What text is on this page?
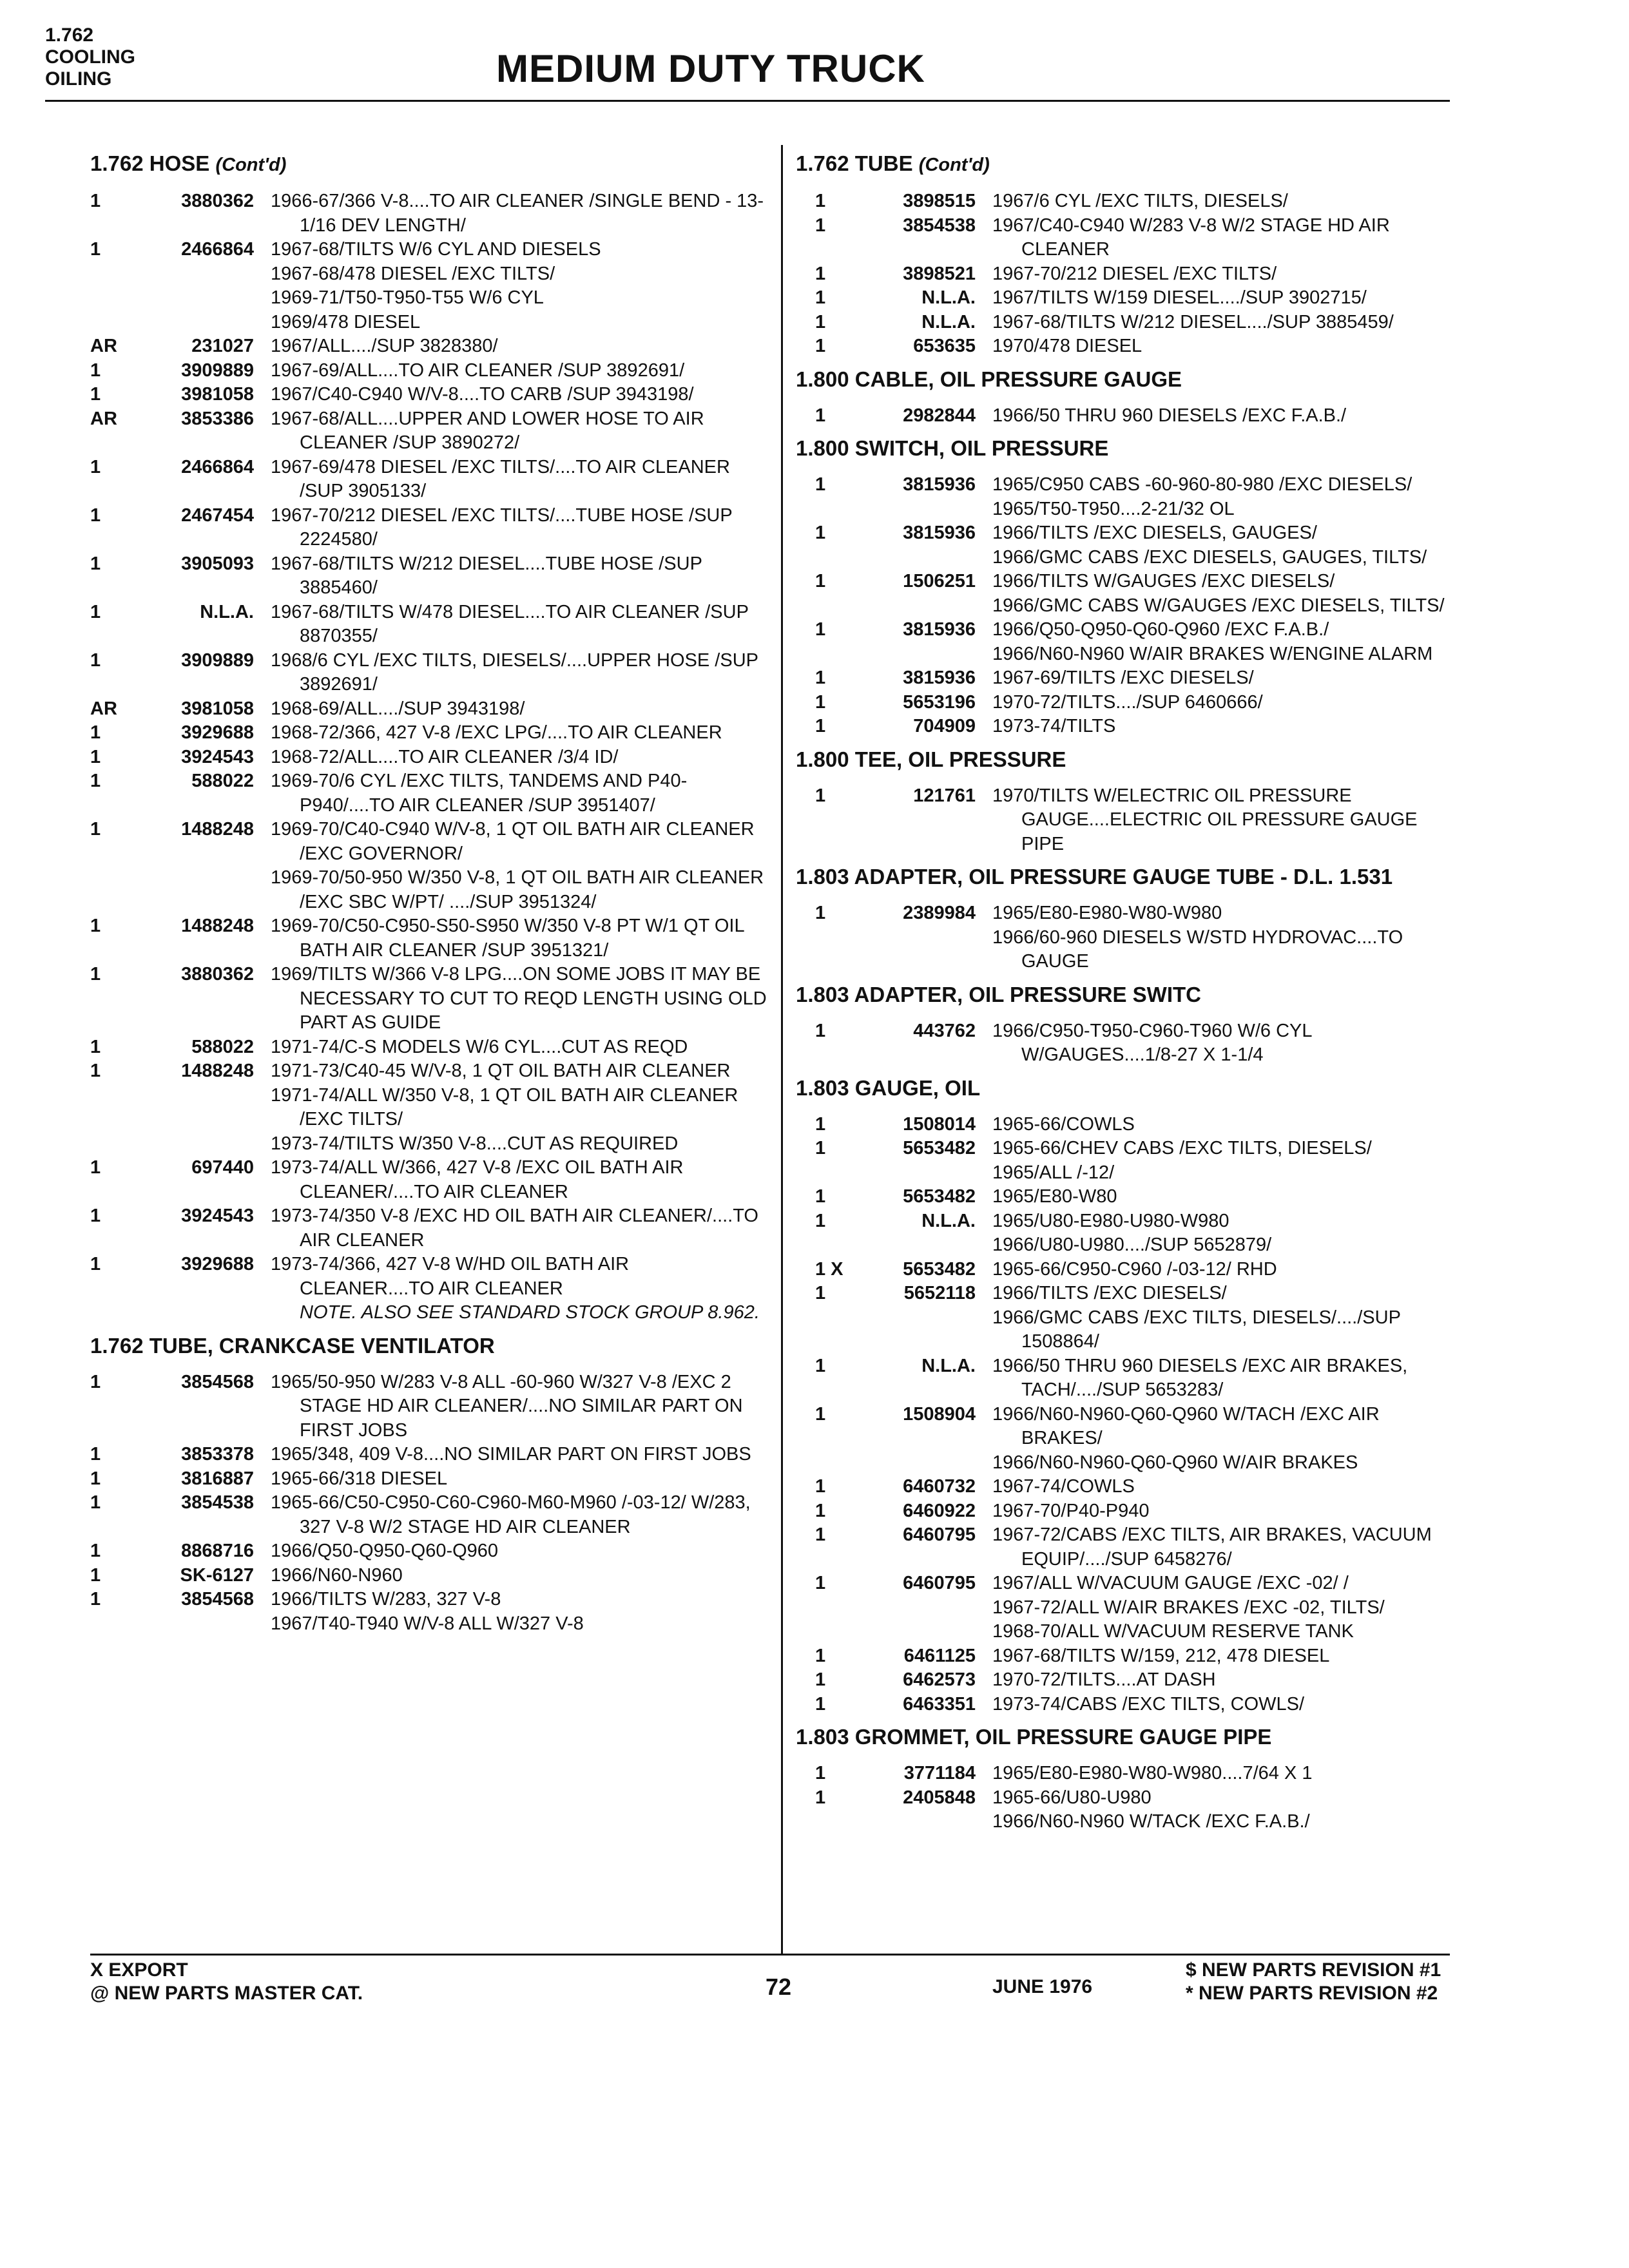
1.762
COOLING
OILING	MEDIUM DUTY TRUCK
1.762 HOSE (Cont'd)
1	3880362 1966-67/366 V-8....TO AIR CLEANER /SINGLE BEND - 13-1/16 DEV LENGTH/
1	2466864 1967-68/TILTS W/6 CYL AND DIESELS
1967-68/478 DIESEL /EXC TILTS/
1969-71/T50-T950-T55 W/6 CYL
1969/478 DIESEL
AR	231027 1967/ALL..../SUP 3828380/
1	3909889 1967-69/ALL....TO AIR CLEANER /SUP 3892691/
1	3981058 1967/C40-C940 W/V-8....TO CARB /SUP 3943198/
AR	3853386 1967-68/ALL....UPPER AND LOWER HOSE TO AIR CLEANER /SUP 3890272/
1	2466864 1967-69/478 DIESEL /EXC TILTS/....TO AIR CLEANER /SUP 3905133/
1	2467454 1967-70/212 DIESEL /EXC TILTS/....TUBE HOSE /SUP 2224580/
1	3905093 1967-68/TILTS W/212 DIESEL....TUBE HOSE /SUP 3885460/
1	N.L.A. 1967-68/TILTS W/478 DIESEL....TO AIR CLEANER /SUP 8870355/
1	3909889 1968/6 CYL /EXC TILTS, DIESELS/....UPPER HOSE /SUP 3892691/
AR	3981058 1968-69/ALL..../SUP 3943198/
1	3929688 1968-72/366, 427 V-8 /EXC LPG/....TO AIR CLEANER
1	3924543 1968-72/ALL....TO AIR CLEANER /3/4 ID/
1	588022 1969-70/6 CYL /EXC TILTS, TANDEMS AND P40-P940/....TO AIR CLEANER /SUP 3951407/
1	1488248 1969-70/C40-C940 W/V-8, 1 QT OIL BATH AIR CLEANER /EXC GOVERNOR/
1969-70/50-950 W/350 V-8, 1 QT OIL BATH AIR CLEANER /EXC SBC W/PT/ ..../SUP 3951324/
1	1488248 1969-70/C50-C950-S50-S950 W/350 V-8 PT W/1 QT OIL BATH AIR CLEANER /SUP 3951321/
1	3880362 1969/TILTS W/366 V-8 LPG....ON SOME JOBS IT MAY BE NECESSARY TO CUT TO REQD LENGTH USING OLD PART AS GUIDE
1	588022 1971-74/C-S MODELS W/6 CYL....CUT AS REQD
1	1488248 1971-73/C40-45 W/V-8, 1 QT OIL BATH AIR CLEANER
1971-74/ALL W/350 V-8, 1 QT OIL BATH AIR CLEANER /EXC TILTS/
1973-74/TILTS W/350 V-8....CUT AS REQUIRED
1	697440 1973-74/ALL W/366, 427 V-8 /EXC OIL BATH AIR CLEANER/....TO AIR CLEANER
1	3924543 1973-74/350 V-8 /EXC HD OIL BATH AIR CLEANER/....TO AIR CLEANER
1	3929688 1973-74/366, 427 V-8 W/HD OIL BATH AIR CLEANER....TO AIR CLEANER
NOTE. ALSO SEE STANDARD STOCK GROUP 8.962.
1.762 TUBE, CRANKCASE VENTILATOR
1	3854568 1965/50-950 W/283 V-8 ALL -60-960 W/327 V-8 /EXC 2 STAGE HD AIR CLEANER/....NO SIMILAR PART ON FIRST JOBS
1	3853378 1965/348, 409 V-8....NO SIMILAR PART ON FIRST JOBS
1	3816887 1965-66/318 DIESEL
1	3854538 1965-66/C50-C950-C60-C960-M60-M960 /-03-12/ W/283, 327 V-8 W/2 STAGE HD AIR CLEANER
1	8868716 1966/Q50-Q950-Q60-Q960
1	SK-6127 1966/N60-N960
1	3854568 1966/TILTS W/283, 327 V-8
1967/T40-T940 W/V-8 ALL W/327 V-8
1.762 TUBE (Cont'd)
1	3898515 1967/6 CYL /EXC TILTS, DIESELS/
1	3854538 1967/C40-C940 W/283 V-8 W/2 STAGE HD AIR CLEANER
1	3898521 1967-70/212 DIESEL /EXC TILTS/
1	N.L.A. 1967/TILTS W/159 DIESEL..../SUP 3902715/
1	N.L.A. 1967-68/TILTS W/212 DIESEL..../SUP 3885459/
1	653635 1970/478 DIESEL
1.800 CABLE, OIL PRESSURE GAUGE
1	2982844 1966/50 THRU 960 DIESELS /EXC F.A.B./
1.800 SWITCH, OIL PRESSURE
1	3815936 1965/C950 CABS -60-960-80-980 /EXC DIESELS/
1965/T50-T950....2-21/32 OL
1	3815936 1966/TILTS /EXC DIESELS, GAUGES/
1966/GMC CABS /EXC DIESELS, GAUGES, TILTS/
1	1506251 1966/TILTS W/GAUGES /EXC DIESELS/
1966/GMC CABS W/GAUGES /EXC DIESELS, TILTS/
1	3815936 1966/Q50-Q950-Q60-Q960 /EXC F.A.B./
1966/N60-N960 W/AIR BRAKES W/ENGINE ALARM
1	3815936 1967-69/TILTS /EXC DIESELS/
1	5653196 1970-72/TILTS..../SUP 6460666/
1	704909 1973-74/TILTS
1.800 TEE, OIL PRESSURE
1	121761 1970/TILTS W/ELECTRIC OIL PRESSURE GAUGE....ELECTRIC OIL PRESSURE GAUGE PIPE
1.803 ADAPTER, OIL PRESSURE GAUGE TUBE - D.L. 1.531
1	2389984 1965/E80-E980-W80-W980
1966/60-960 DIESELS W/STD HYDROVAC....TO GAUGE
1.803 ADAPTER, OIL PRESSURE SWITC
1	443762 1966/C950-T950-C960-T960 W/6 CYL W/GAUGES....1/8-27 X 1-1/4
1.803 GAUGE, OIL
1	1508014 1965-66/COWLS
1	5653482 1965-66/CHEV CABS /EXC TILTS, DIESELS/
1965/ALL /-12/
1	5653482 1965/E80-W80
1	N.L.A. 1965/U80-E980-U980-W980
1966/U80-U980..../SUP 5652879/
1 X	5653482 1965-66/C950-C960 /-03-12/ RHD
1	5652118 1966/TILTS /EXC DIESELS/
1966/GMC CABS /EXC TILTS, DIESELS/..../SUP 1508864/
1	N.L.A. 1966/50 THRU 960 DIESELS /EXC AIR BRAKES, TACH/..../SUP 5653283/
1	1508904 1966/N60-N960-Q60-Q960 W/TACH /EXC AIR BRAKES/
1966/N60-N960-Q60-Q960 W/AIR BRAKES
1	6460732 1967-74/COWLS
1	6460922 1967-70/P40-P940
1	6460795 1967-72/CABS /EXC TILTS, AIR BRAKES, VACUUM EQUIP/..../SUP 6458276/
1	6460795 1967/ALL W/VACUUM GAUGE /EXC -02/ /
1967-72/ALL W/AIR BRAKES /EXC -02, TILTS/
1968-70/ALL W/VACUUM RESERVE TANK
1	6461125 1967-68/TILTS W/159, 212, 478 DIESEL
1	6462573 1970-72/TILTS....AT DASH
1	6463351 1973-74/CABS /EXC TILTS, COWLS/
1.803 GROMMET, OIL PRESSURE GAUGE PIPE
1	3771184 1965/E80-E980-W80-W980....7/64 X 1
1	2405848 1965-66/U80-U980
1966/N60-N960 W/TACK /EXC F.A.B./
X EXPORT
@ NEW PARTS MASTER CAT.	72	JUNE 1976
$ NEW PARTS REVISION #1
* NEW PARTS REVISION #2
